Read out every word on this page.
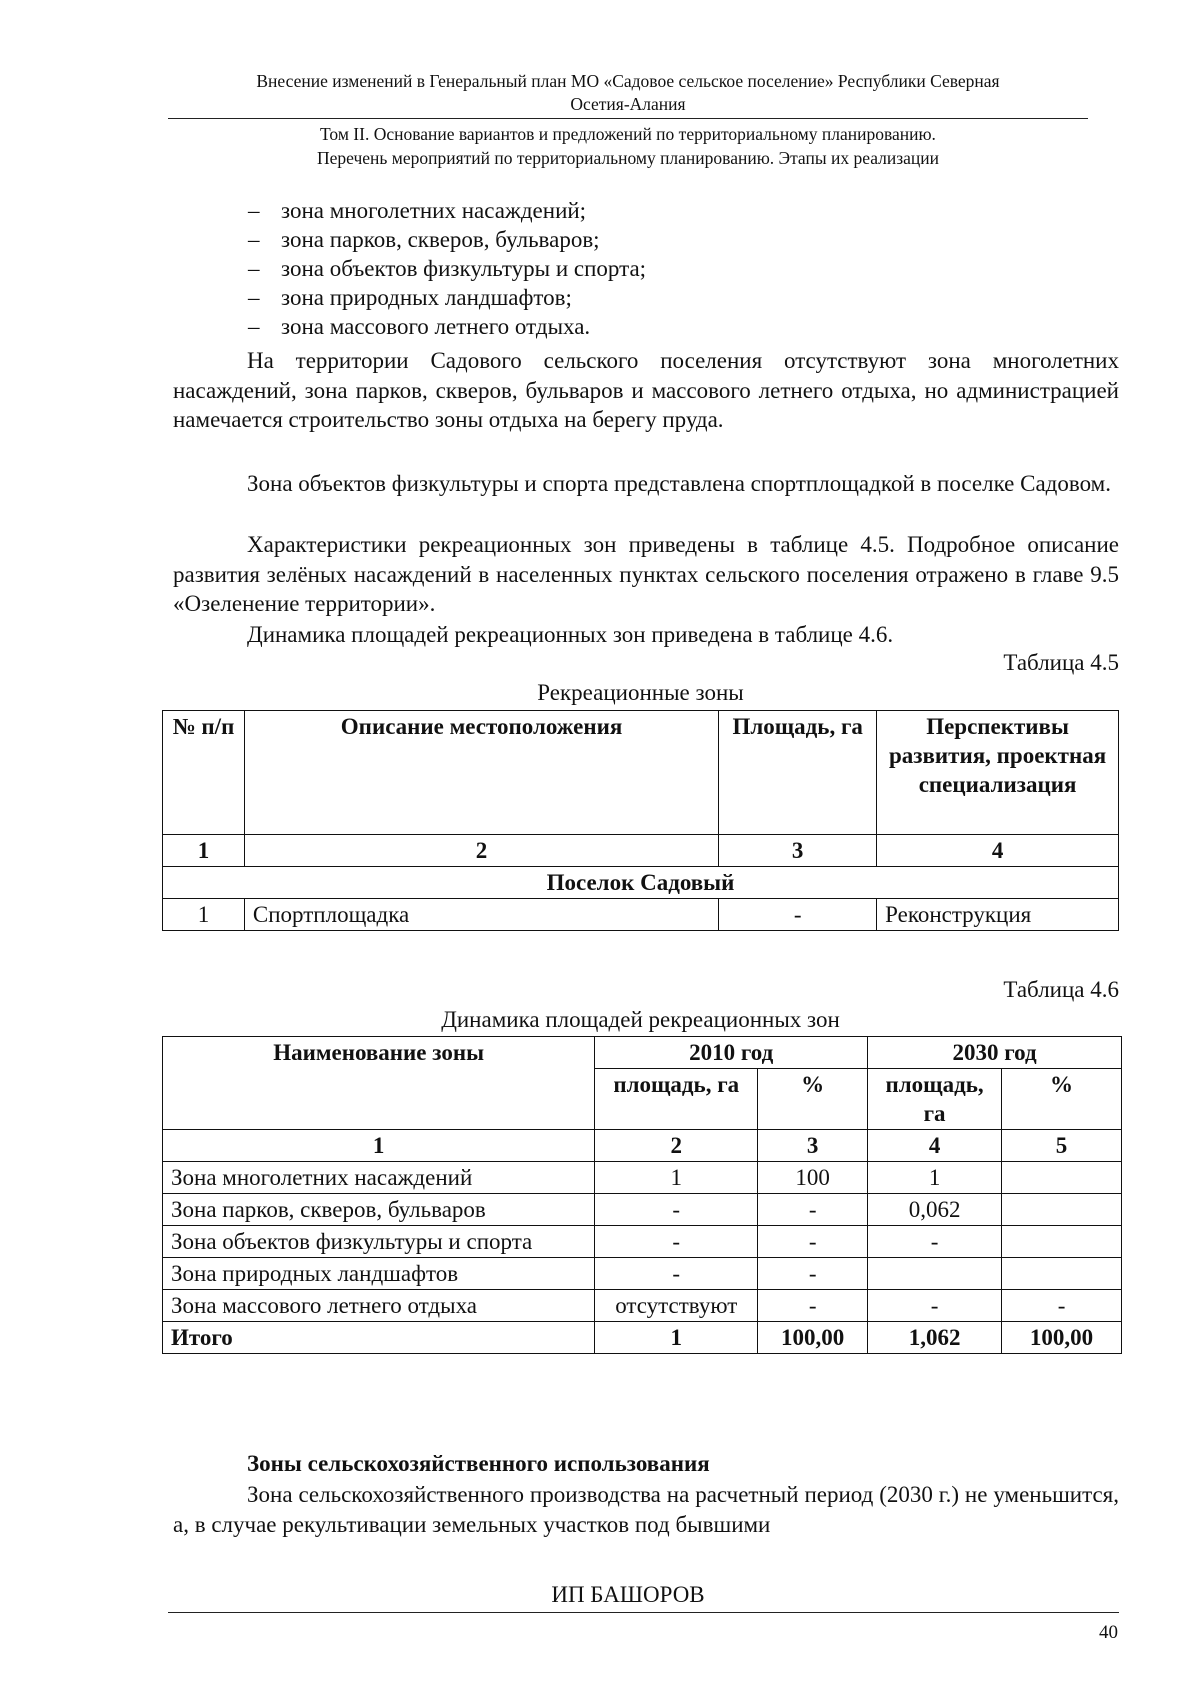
Внесение изменений в Генеральный план МО «Садовое сельское поселение» Республики Северная
Осетия-Алания
Том II. Основание вариантов и предложений по территориальному планированию.
Перечень мероприятий по территориальному планированию. Этапы их реализации
– зона многолетних насаждений;
– зона парков, скверов, бульваров;
– зона объектов физкультуры и спорта;
– зона природных ландшафтов;
– зона массового летнего отдыха.
На территории Садового сельского поселения отсутствуют зона многолетних насаждений, зона парков, скверов, бульваров и массового летнего отдыха, но администрацией намечается строительство зоны отдыха на берегу пруда.
Зона объектов физкультуры и спорта представлена спортплощадкой в поселке Садовом.
Характеристики рекреационных зон приведены в таблице 4.5. Подробное описание развития зелёных насаждений в населенных пунктах сельского поселения отражено в главе 9.5 «Озеленение территории».
Динамика площадей рекреационных зон приведена в таблице 4.6.
Таблица 4.5
Рекреационные зоны
№ п/п	Описание местоположения	Площадь, га	Перспективы развития, проектная специализация
1	2	3	4
Поселок Садовый			
1	Спортплощадка	-	Реконструкция
Таблица 4.6
Динамика площадей рекреационных зон
Наименование зоны	2010 год		2030 год	
	площадь, га	%	площадь, га	%
1	2	3	4	5
Зона многолетних насаждений	1	100	1	
Зона парков, скверов, бульваров	-	-	0,062	
Зона объектов физкультуры и спорта	-	-	-	
Зона природных ландшафтов	-	-		
Зона массового летнего отдыха	отсутствуют	-	-	-
Итого	1	100,00	1,062	100,00
Зоны сельскохозяйственного использования
Зона сельскохозяйственного производства на расчетный период (2030 г.) не уменьшится, а, в случае рекультивации земельных участков под бывшими
ИП БАШОРОВ
40
